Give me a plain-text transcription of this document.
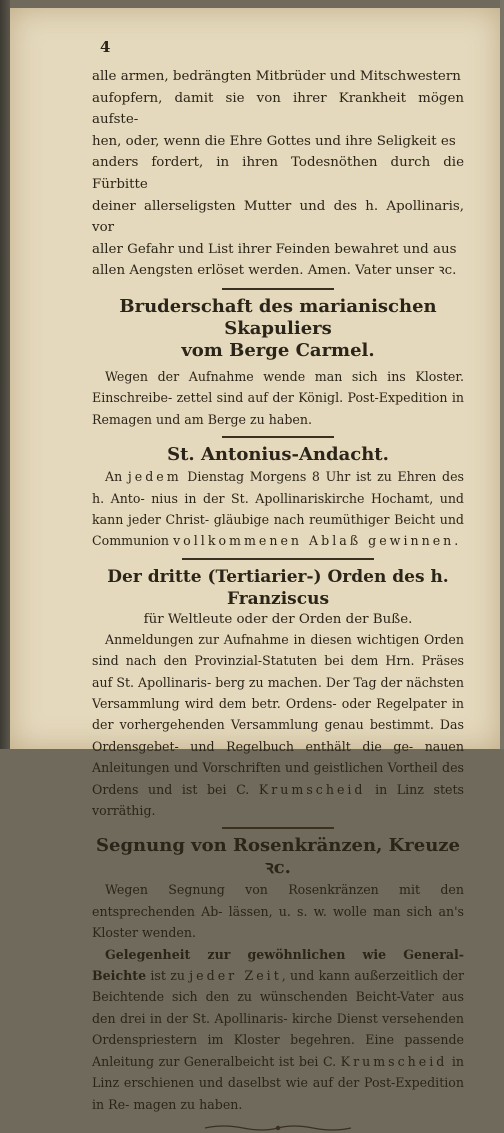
4

alle armen, bedrängten Mitbrüder und Mitschwestern

aufopfern, damit sie von ihrer Krankheit mögen aufste-

hen, oder, wenn die Ehre Gottes und ihre Seligkeit es

anders fordert, in ihren Todesnöthen durch die Fürbitte

deiner allerseligsten Mutter und des h. Apollinaris, vor

aller Gefahr und List ihrer Feinden bewahret und aus

allen Aengsten erlöset werden. Amen. Vater unser ꝛc.

Bruderschaft des marianischen Skapuliers
vom Berge Carmel.

Wegen der Aufnahme wende man sich ins Kloster. Einschreibe- zettel sind auf der Königl. Post-Expedition in Remagen und am Berge zu haben.

St. Antonius-Andacht.

An jedem Dienstag Morgens 8 Uhr ist zu Ehren des h. Anto- nius in der St. Apollinariskirche Hochamt, und kann jeder Christ- gläubige nach reumüthiger Beicht und Communion vollkommenen Ablaß gewinnen.

Der dritte (Tertiarier-) Orden des h. Franziscus
für Weltleute oder der Orden der Buße.

Anmeldungen zur Aufnahme in diesen wichtigen Orden sind nach den Provinzial-Statuten bei dem Hrn. Präses auf St. Apollinaris- berg zu machen. Der Tag der nächsten Versammlung wird dem betr. Ordens- oder Regelpater in der vorhergehenden Versammlung genau bestimmt. Das Ordensgebet- und Regelbuch enthält die ge- nauen Anleitungen und Vorschriften und geistlichen Vortheil des Ordens und ist bei C. Krumscheid in Linz stets vorräthig.

Segnung von Rosenkränzen, Kreuze ꝛc.

Wegen Segnung von Rosenkränzen mit den entsprechenden Ab- lässen, u. s. w. wolle man sich an's Kloster wenden.

Gelegenheit zur gewöhnlichen wie General-Beichte ist zu jeder Zeit, und kann außerzeitlich der Beichtende sich den zu wünschenden Beicht-Vater aus den drei in der St. Apollinaris- kirche Dienst versehenden Ordenspriestern im Kloster begehren. Eine passende Anleitung zur Generalbeicht ist bei C. Krumscheid in Linz erschienen und daselbst wie auf der Post-Expedition in Re- magen zu haben.
